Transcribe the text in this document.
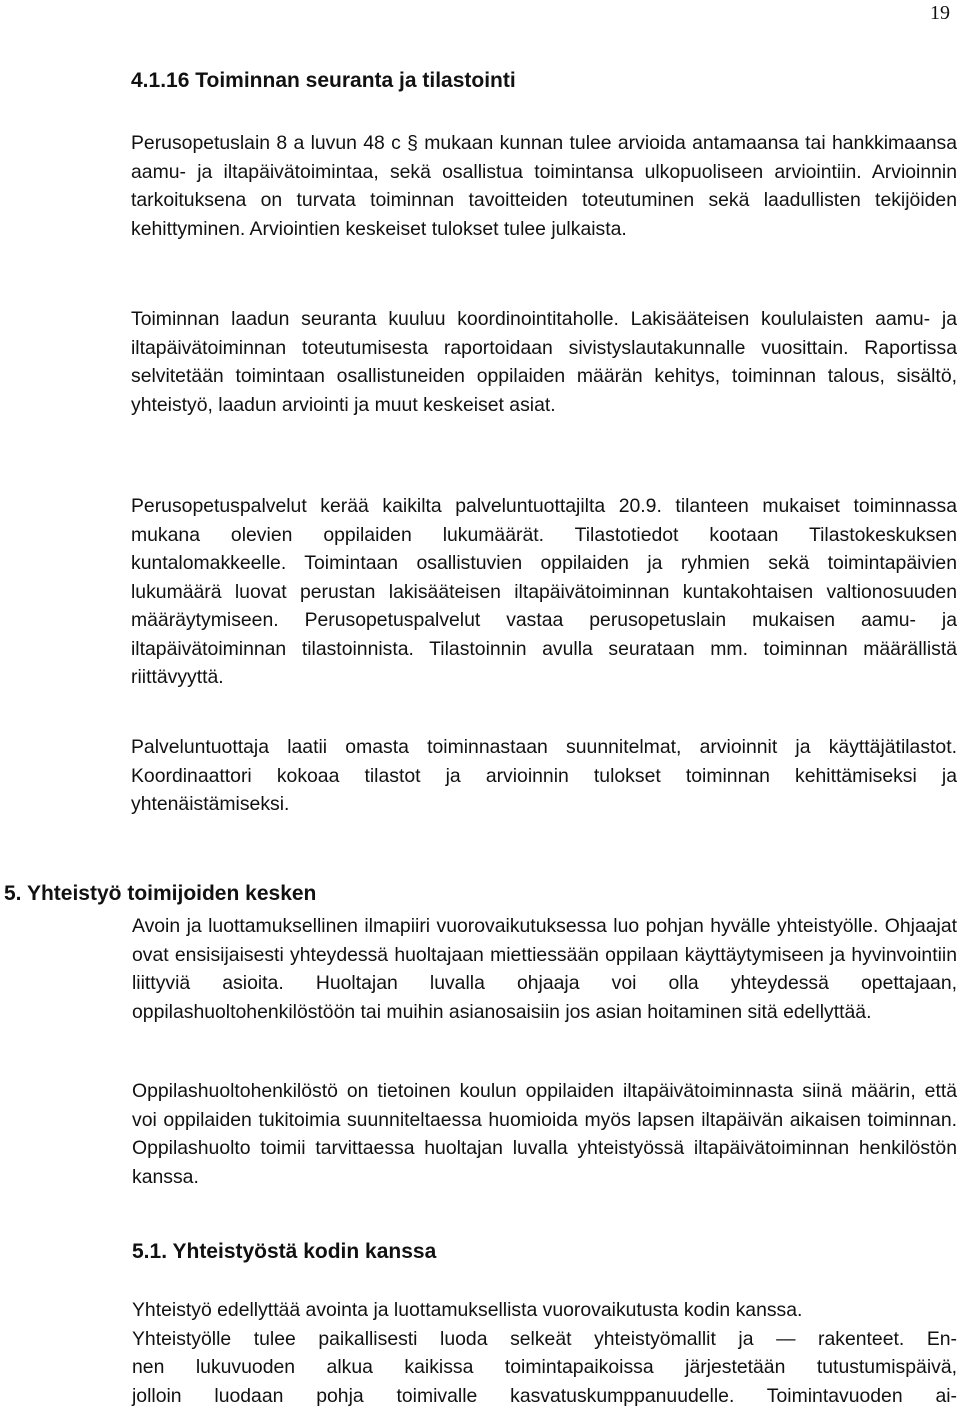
19
4.1.16 Toiminnan seuranta ja tilastointi

Perusopetuslain 8 a luvun 48 c § mukaan kunnan tulee arvioida antamaansa tai hankkimaansa aamu- ja iltapäivätoimintaa, sekä osallistua toimintansa ulkopuoliseen arviointiin. Arvioinnin tarkoituksena on turvata toiminnan tavoitteiden toteutuminen sekä laadullisten tekijöiden kehittyminen. Arviointien keskeiset tulokset tulee julkaista.

Toiminnan laadun seuranta kuuluu koordinointitaholle. Lakisääteisen koululaisten aamu- ja iltapäivätoiminnan toteutumisesta raportoidaan sivistyslautakunnalle vuosittain. Raportissa selvitetään toimintaan osallistuneiden oppilaiden määrän kehitys, toiminnan talous, sisältö, yhteistyö, laadun arviointi ja muut keskeiset asiat.

Perusopetuspalvelut kerää kaikilta palveluntuottajilta 20.9. tilanteen mukaiset toiminnassa mukana olevien oppilaiden lukumäärät. Tilastotiedot kootaan Tilastokeskuksen kuntalomakkeelle. Toimintaan osallistuvien oppilaiden ja ryhmien sekä toimintapäivien lukumäärä luovat perustan lakisääteisen iltapäivätoiminnan kuntakohtaisen valtionosuuden määräytymiseen. Perusopetuspalvelut vastaa perusopetuslain mukaisen aamu- ja iltapäivätoiminnan tilastoinnista. Tilastoinnin avulla seurataan mm. toiminnan määrällistä riittävyyttä.

Palveluntuottaja laatii omasta toiminnastaan suunnitelmat, arvioinnit ja käyttäjätilastot. Koordinaattori kokoaa tilastot ja arvioinnin tulokset toiminnan kehittämiseksi ja yhtenäistämiseksi.

5. Yhteistyö toimijoiden kesken

Avoin ja luottamuksellinen ilmapiiri vuorovaikutuksessa luo pohjan hyvälle yhteistyölle. Ohjaajat ovat ensisijaisesti yhteydessä huoltajaan miettiessään oppilaan käyttäytymiseen ja hyvinvointiin liittyviä asioita. Huoltajan luvalla ohjaaja voi olla yhteydessä opettajaan, oppilashuoltohenkilöstöön tai muihin asianosaisiin jos asian hoitaminen sitä edellyttää.

Oppilashuoltohenkilöstö on tietoinen koulun oppilaiden iltapäivätoiminnasta siinä määrin, että voi oppilaiden tukitoimia suunniteltaessa huomioida myös lapsen iltapäivän aikaisen toiminnan. Oppilashuolto toimii tarvittaessa huoltajan luvalla yhteistyössä iltapäivätoiminnan henkilöstön kanssa.

5.1. Yhteistyöstä kodin kanssa
Yhteistyö edellyttää avointa ja luottamuksellista vuorovaikutusta kodin kanssa.
Yhteistyölle tulee paikallisesti luoda selkeät yhteistyömallit ja — rakenteet. En-
nen lukuvuoden alkua kaikissa toimintapaikoissa järjestetään tutustumispäivä,
jolloin luodaan pohja toimivalle kasvatuskumppanuudelle. Toimintavuoden ai-
